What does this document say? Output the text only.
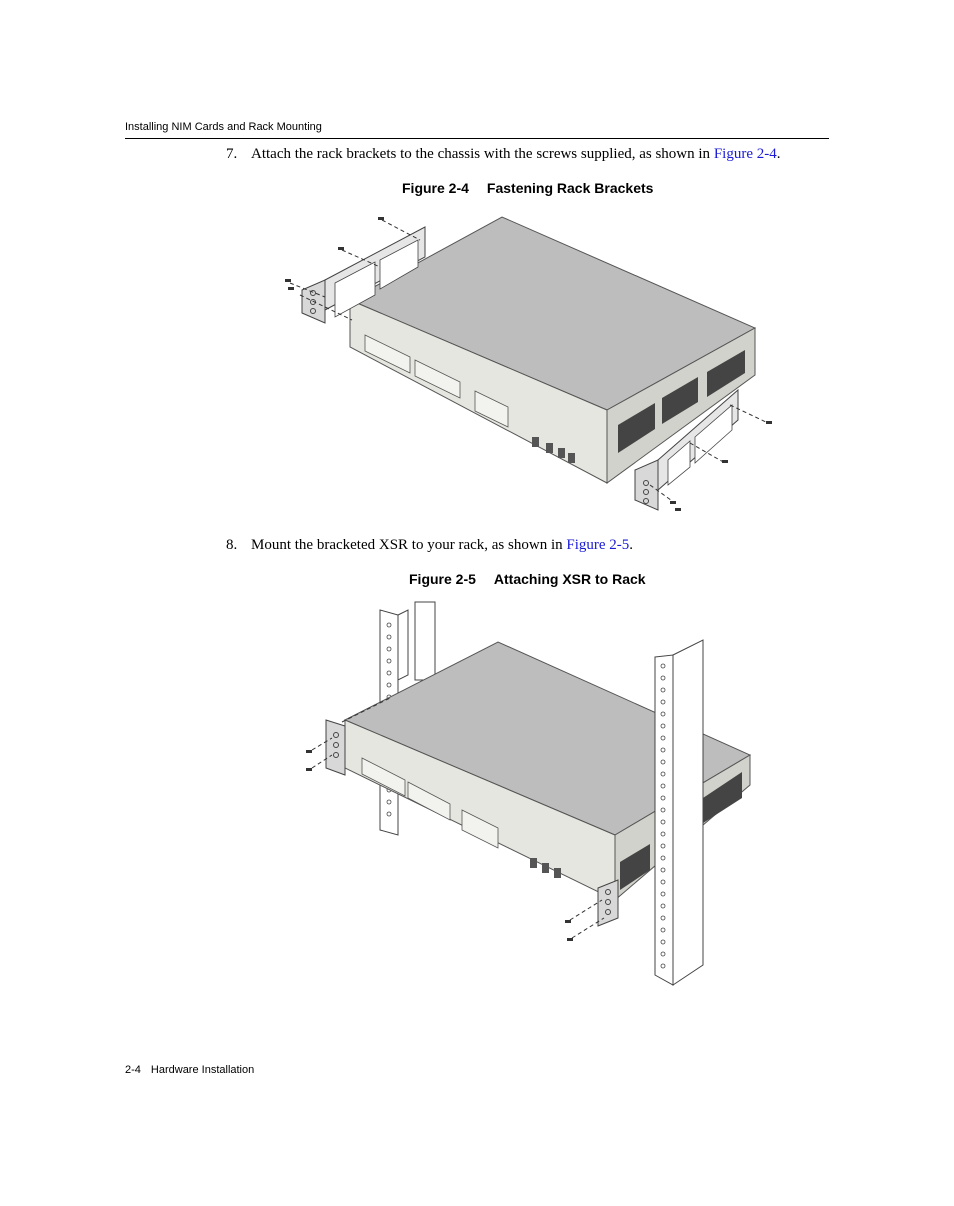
Installing NIM Cards and Rack Mounting
7. Attach the rack brackets to the chassis with the screws supplied, as shown in Figure 2-4.
Figure 2-4 Fastening Rack Brackets
8. Mount the bracketed XSR to your rack, as shown in Figure 2-5.
Figure 2-5 Attaching XSR to Rack
2-4 Hardware Installation
